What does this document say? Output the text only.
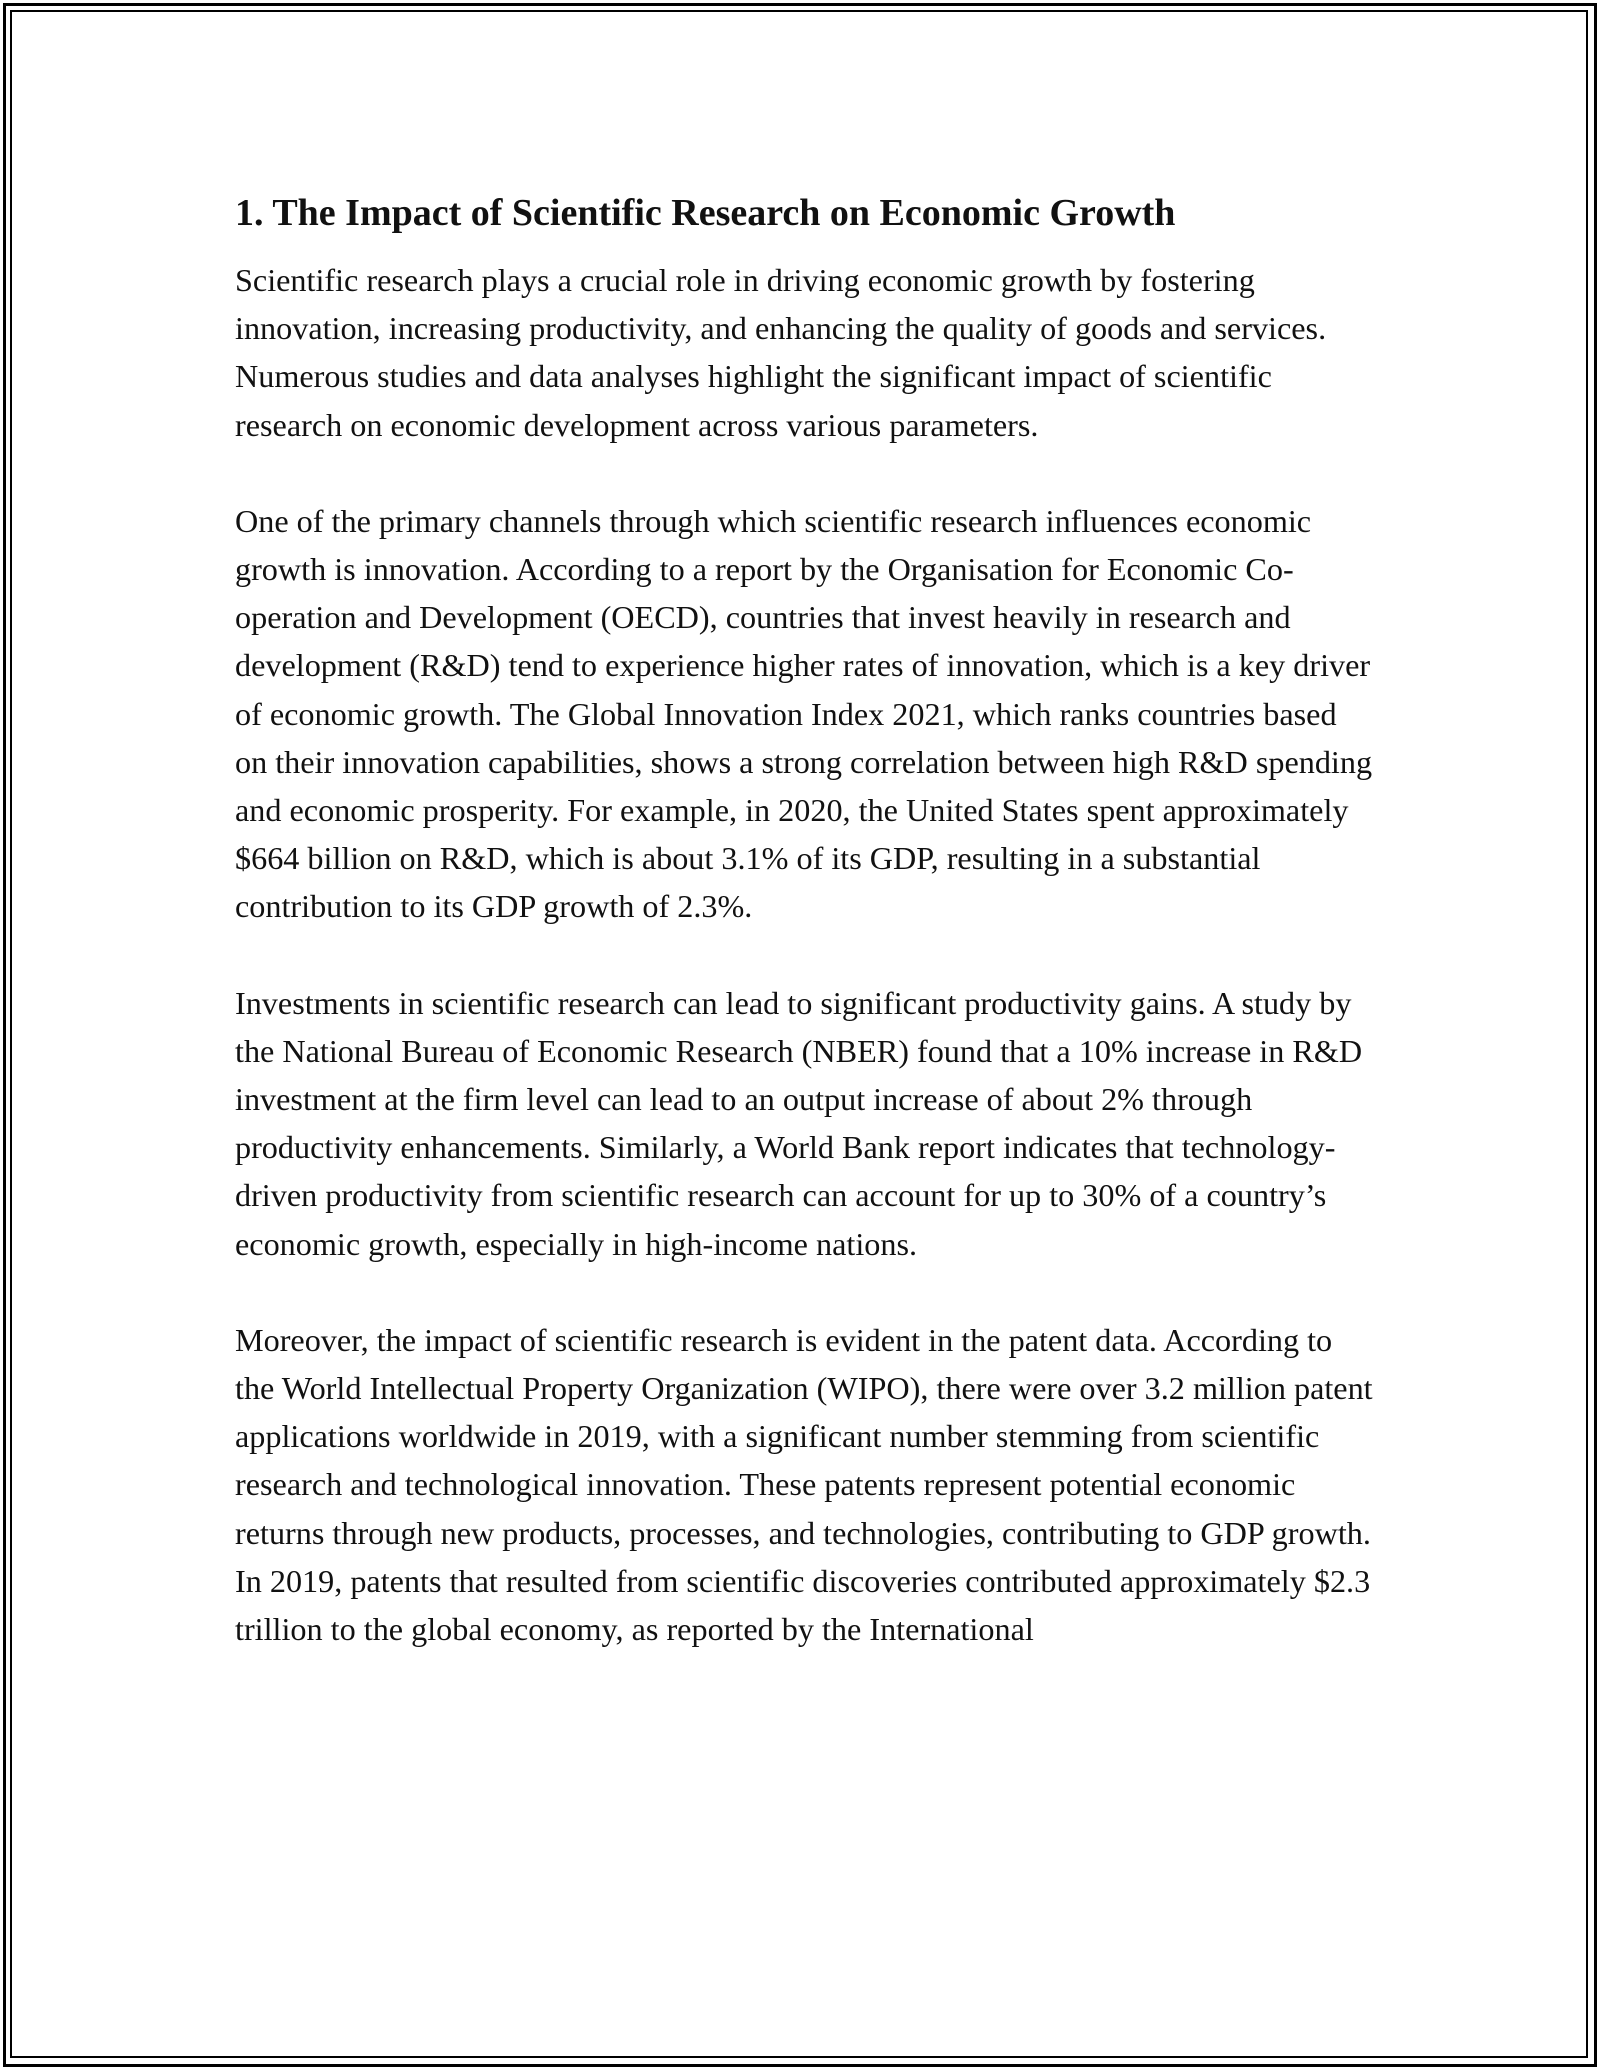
1. The Impact of Scientific Research on Economic Growth

Scientific research plays a crucial role in driving economic growth by fostering innovation, increasing productivity, and enhancing the quality of goods and services. Numerous studies and data analyses highlight the significant impact of scientific research on economic development across various parameters.

One of the primary channels through which scientific research influences economic growth is innovation. According to a report by the Organisation for Economic Co-operation and Development (OECD), countries that invest heavily in research and development (R&D) tend to experience higher rates of innovation, which is a key driver of economic growth. The Global Innovation Index 2021, which ranks countries based on their innovation capabilities, shows a strong correlation between high R&D spending and economic prosperity. For example, in 2020, the United States spent approximately $664 billion on R&D, which is about 3.1% of its GDP, resulting in a substantial contribution to its GDP growth of 2.3%.

Investments in scientific research can lead to significant productivity gains. A study by the National Bureau of Economic Research (NBER) found that a 10% increase in R&D investment at the firm level can lead to an output increase of about 2% through productivity enhancements. Similarly, a World Bank report indicates that technology-driven productivity from scientific research can account for up to 30% of a country’s economic growth, especially in high-income nations.

Moreover, the impact of scientific research is evident in the patent data. According to the World Intellectual Property Organization (WIPO), there were over 3.2 million patent applications worldwide in 2019, with a significant number stemming from scientific research and technological innovation. These patents represent potential economic returns through new products, processes, and technologies, contributing to GDP growth. In 2019, patents that resulted from scientific discoveries contributed approximately $2.3 trillion to the global economy, as reported by the International
